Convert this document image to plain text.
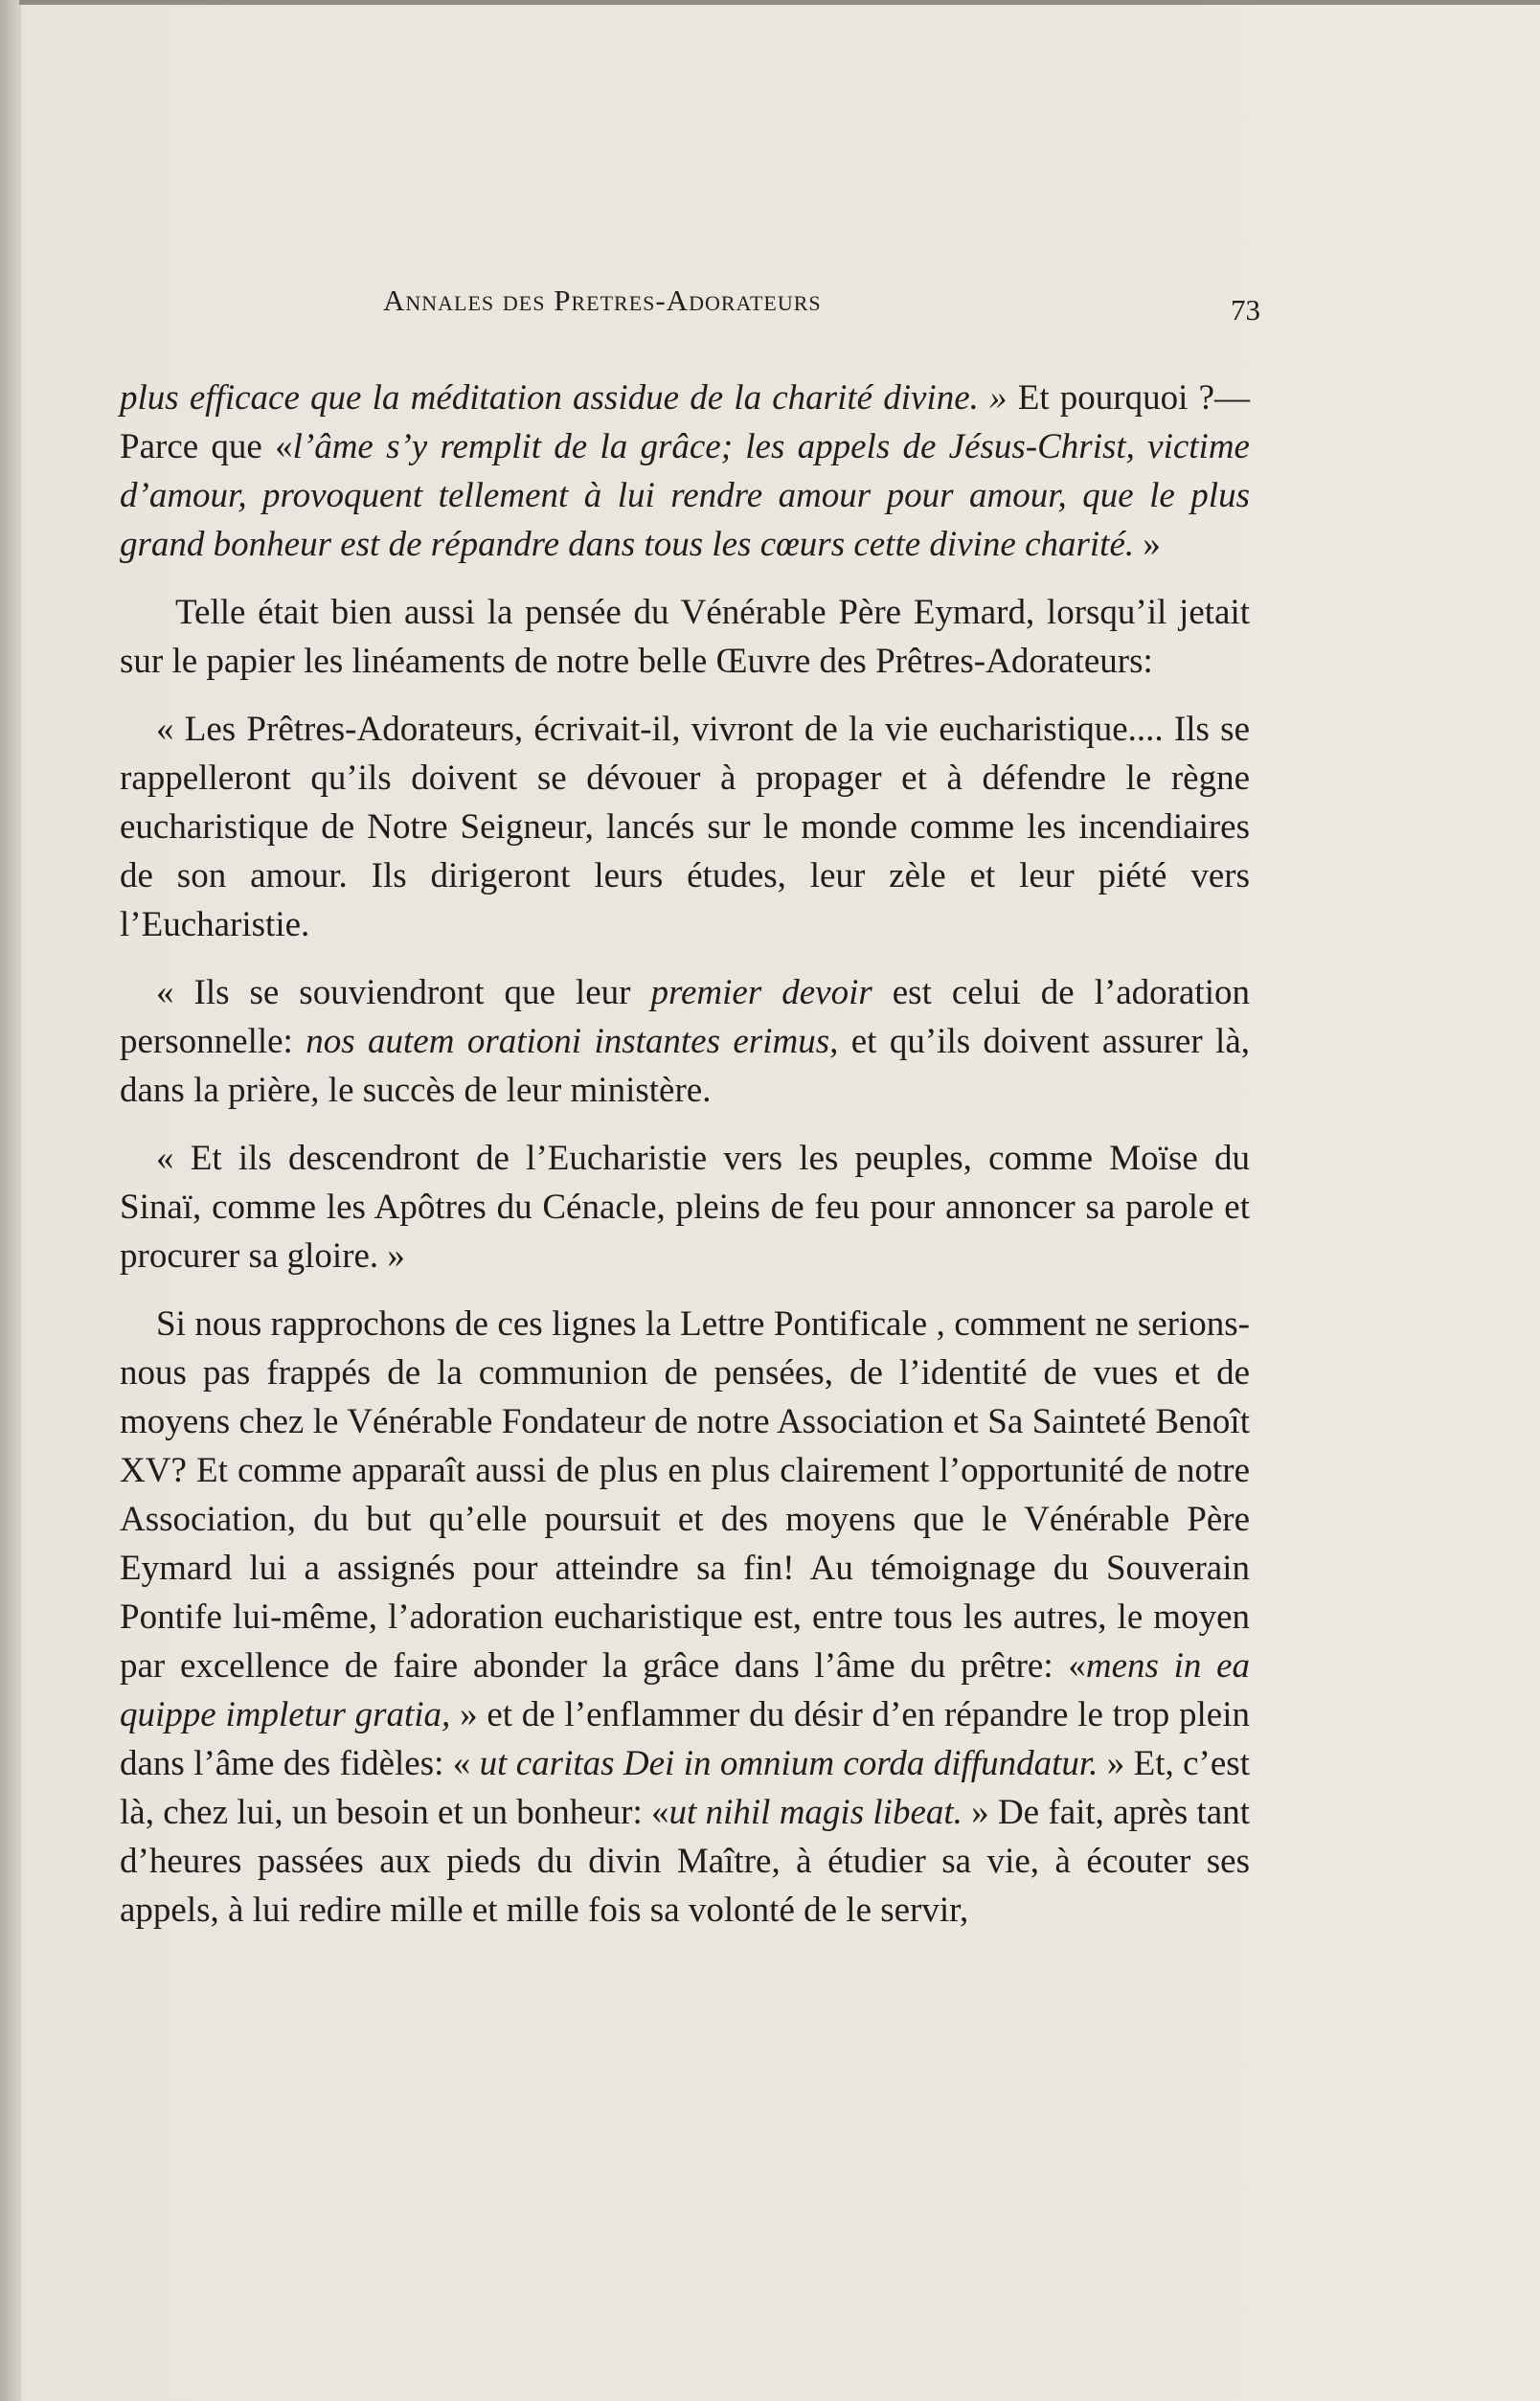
Annales des Pretres-Adorateurs	73

plus efficace que la méditation assidue de la charité divine. » Et pourquoi ?— Parce que «l’âme s’y remplit de la grâce; les appels de Jésus-Christ, victime d’amour, provoquent tellement à lui rendre amour pour amour, que le plus grand bonheur est de répandre dans tous les cœurs cette divine charité. »

Telle était bien aussi la pensée du Vénérable Père Eymard, lorsqu’il jetait sur le papier les linéaments de notre belle Œuvre des Prêtres-Adorateurs:

« Les Prêtres-Adorateurs, écrivait-il, vivront de la vie eucharistique.... Ils se rappelleront qu’ils doivent se dévouer à propager et à défendre le règne eucharistique de Notre Seigneur, lancés sur le monde comme les incendiaires de son amour. Ils dirigeront leurs études, leur zèle et leur piété vers l’Eucharistie.

« Ils se souviendront que leur premier devoir est celui de l’adoration personnelle: nos autem orationi instantes erimus, et qu’ils doivent assurer là, dans la prière, le succès de leur ministère.

« Et ils descendront de l’Eucharistie vers les peuples, comme Moïse du Sinaï, comme les Apôtres du Cénacle, pleins de feu pour annoncer sa parole et procurer sa gloire. »

Si nous rapprochons de ces lignes la Lettre Pontificale , comment ne serions-nous pas frappés de la communion de pensées, de l’identité de vues et de moyens chez le Vénérable Fondateur de notre Association et Sa Sainteté Benoît XV? Et comme apparaît aussi de plus en plus clairement l’opportunité de notre Association, du but qu’elle poursuit et des moyens que le Vénérable Père Eymard lui a assignés pour atteindre sa fin! Au témoignage du Souverain Pontife lui-même, l’adoration eucharistique est, entre tous les autres, le moyen par excellence de faire abonder la grâce dans l’âme du prêtre: «mens in ea quippe impletur gratia, » et de l’enflammer du désir d’en répandre le trop plein dans l’âme des fidèles: « ut caritas Dei in omnium corda diffundatur. » Et, c’est là, chez lui, un besoin et un bonheur: «ut nihil magis libeat. » De fait, après tant d’heures passées aux pieds du divin Maître, à étudier sa vie, à écouter ses appels, à lui redire mille et mille fois sa volonté de le servir,
